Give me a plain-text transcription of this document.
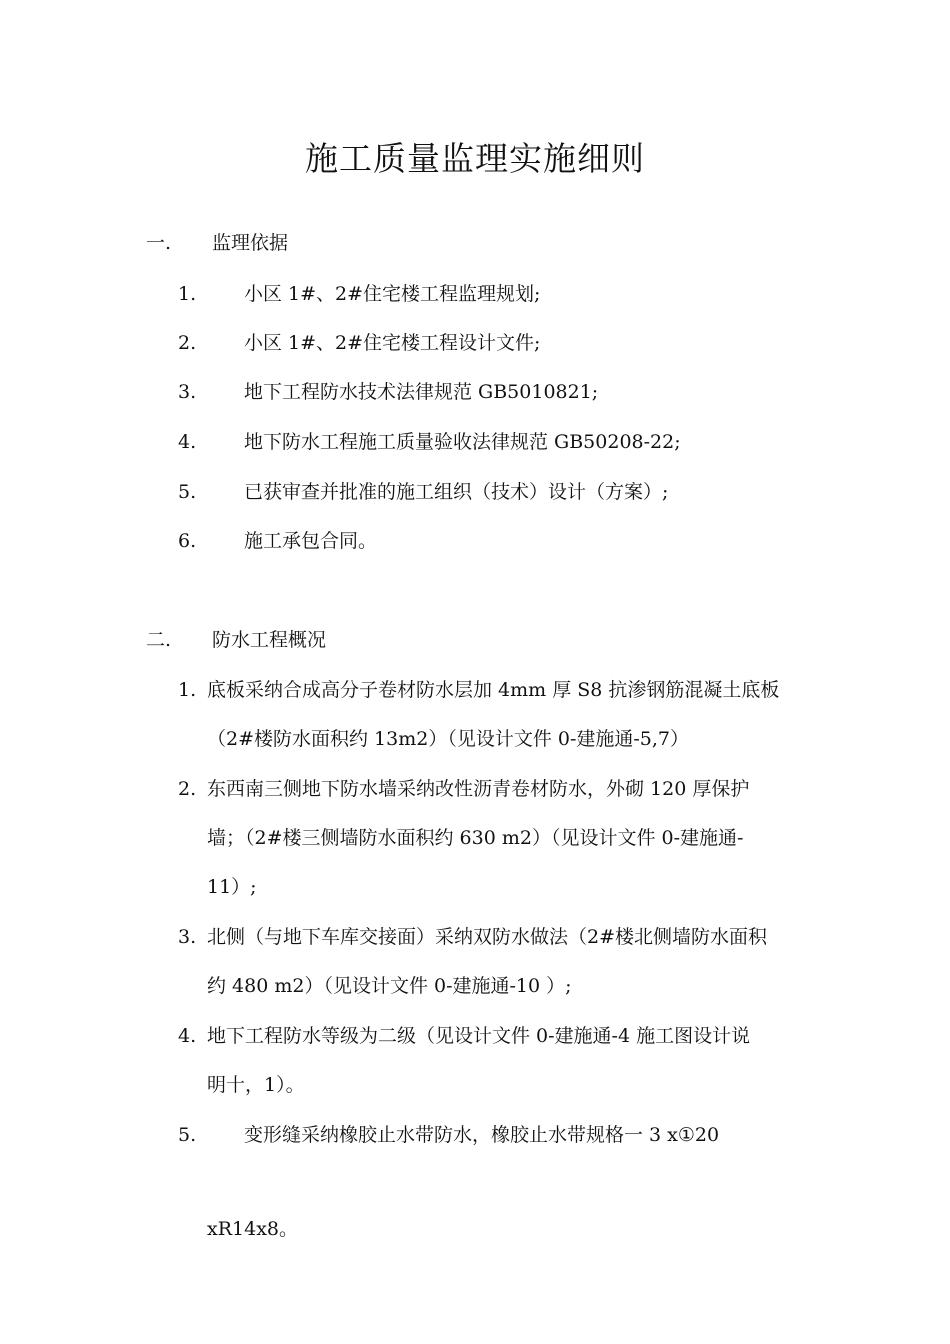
施工质量监理实施细则
一. 监理依据
1.	小区 1#、2#住宅楼工程监理规划;
2.	小区 1#、2#住宅楼工程设计文件;
3.	地下工程防水技术法律规范 GB5010821;
4.	地下防水工程施工质量验收法律规范 GB50208-22;
5.	已获审查并批准的施工组织（技术）设计（方案）;
6.	施工承包合同。
二. 防水工程概况
1. 底板采纳合成高分子卷材防水层加 4mm 厚 S8 抗渗钢筋混凝土底板
（2#楼防水面积约 13m2）（见设计文件 0-建施通-5,7）
2. 东西南三侧地下防水墙采纳改性沥青卷材防水，外砌 120 厚保护
墙；（2#楼三侧墙防水面积约 630 m2）（见设计文件 0-建施通-
11）;
3. 北侧（与地下车库交接面）采纳双防水做法（2#楼北侧墙防水面积
约 480 m2）（见设计文件 0-建施通-10 ）;
4. 地下工程防水等级为二级（见设计文件 0-建施通-4 施工图设计说
明十，1）。
5.	变形缝采纳橡胶止水带防水，橡胶止水带规格一 3 x①20
xR14x8。
